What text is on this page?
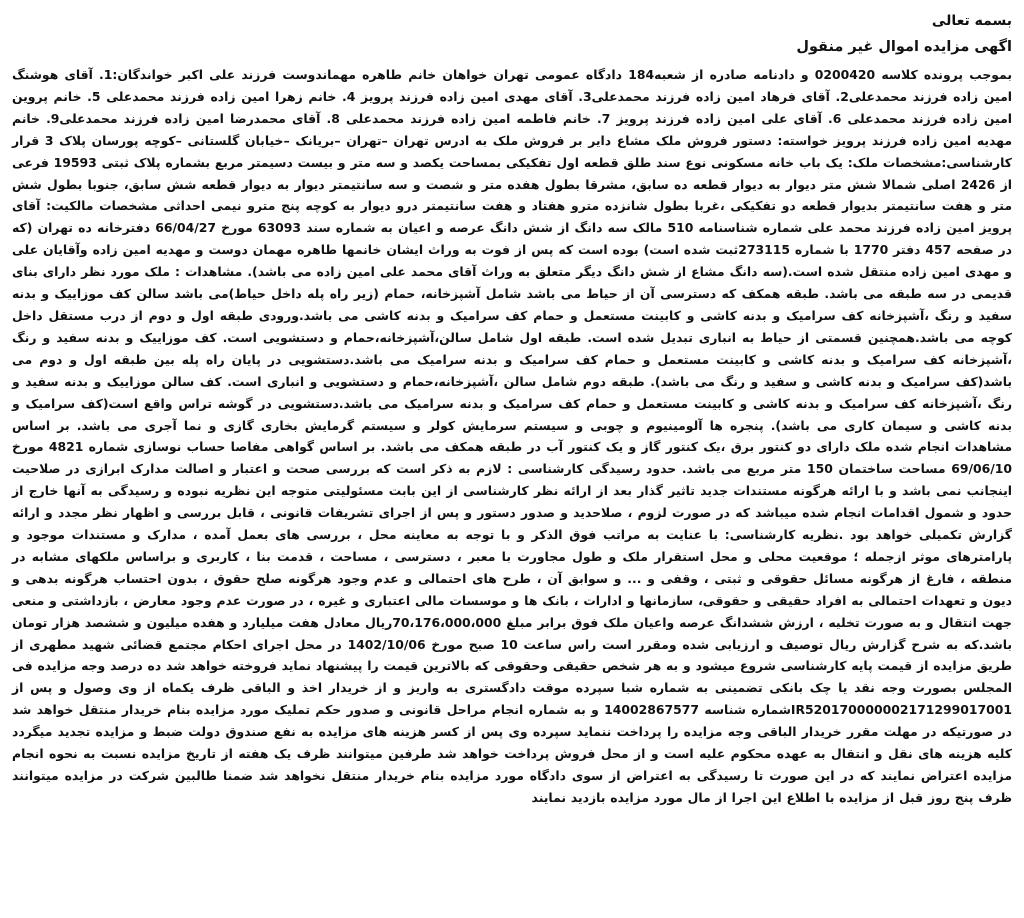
بسمه تعالی
اگهی مزایده اموال غیر منقول

بموجب پرونده کلاسه 0200420 و دادنامه صادره از شعبه184 دادگاه عمومی تهران خواهان خانم طاهره مهماندوست فرزند علی اکبر خواندگان:1. آقای هوشنگ امین زاده فرزند محمدعلی2. آقای فرهاد امین زاده فرزند محمدعلی3. آقای مهدی امین زاده فرزند پرویز 4. خانم زهرا امین زاده فرزند محمدعلی 5. خانم پروین امین زاده فرزند محمدعلی 6. آقای علی امین زاده فرزند پرویز 7. خانم فاطمه امین زاده فرزند محمدعلی 8. آقای محمدرضا امین زاده فرزند محمدعلی9. خانم مهدیه امین زاده فرزند پرویز خواسته: دستور فروش ملک مشاع دایر بر فروش ملک به ادرس تهران –تهران –بریانک –خیابان گلستانی –کوچه پورسان پلاک 3 قرار کارشناسی:مشخصات ملک: یک باب خانه مسکونی نوع سند طلق قطعه اول تفکیکی بمساحت یکصد و سه متر و بیست دسیمتر مربع بشماره پلاک ثبتی 19593 فرعی از 2426 اصلی شمالا شش متر دیوار به دیوار قطعه ده سابق، مشرقا بطول هفده متر و شصت و سه سانتیمتر دیوار به دیوار قطعه شش سابق، جنوبا بطول شش متر و هفت سانتیمتر بدیوار قطعه دو تفکیکی ،غربا بطول شانزده مترو هفتاد و هفت سانتیمتر درو دیوار به کوچه پنج مترو نیمی احداثی مشخصات مالکیت: آقای پرویز امین زاده فرزند محمد علی شماره شناسنامه 510 مالک سه دانگ از شش دانگ عرصه و اعیان به شماره سند 63093 مورخ 66/04/27 دفترخانه ده تهران (که در صفحه 457 دفتر 1770 با شماره 273115ثبت شده است) بوده است که پس از فوت به وراث ایشان خانمها طاهره مهمان دوست و مهدیه امین زاده وآقایان علی و مهدی امین زاده منتقل شده است.(سه دانگ مشاع از شش دانگ دیگر متعلق به وراث آقای محمد علی امین زاده می باشد). مشاهدات : ملک مورد نظر دارای بنای قدیمی در سه طبقه می باشد. طبقه همکف که دسترسی آن از حیاط می باشد شامل آشپزخانه، حمام (زیر راه پله داخل حیاط)می باشد سالن کف موزاییک و بدنه سفید و رنگ ،آشپزخانه کف سرامیک و بدنه کاشی و کابینت مستعمل و حمام کف سرامیک و بدنه کاشی می باشد.ورودی طبقه اول و دوم از درب مستقل داخل کوچه می باشد.همچنین قسمتی از حیاط به انباری تبدیل شده است. طبقه اول شامل سالن،آشپزخانه،حمام و دستشویی است. کف موزاییک و بدنه سفید و رنگ ،آشپزخانه کف سرامیک و بدنه کاشی و کابینت مستعمل و حمام کف سرامیک و بدنه سرامیک می باشد.دستشویی در پایان راه پله بین طبقه اول و دوم می باشد(کف سرامیک و بدنه کاشی و سفید و رنگ می باشد). طبقه دوم شامل سالن ،آشپزخانه،حمام و دستشویی و انباری است. کف سالن موزاییک و بدنه سفید و رنگ ،آشپزخانه کف سرامیک و بدنه کاشی و کابینت مستعمل و حمام کف سرامیک و بدنه سرامیک می باشد.دستشویی در گوشه تراس واقع است(کف سرامیک و بدنه کاشی و سیمان کاری می باشد). پنجره ها آلومینیوم و چوبی و سیستم سرمایش کولر و سیستم گرمایش بخاری گازی و نما آجری می باشد. بر اساس مشاهدات انجام شده ملک دارای دو کنتور برق ،یک کنتور گاز و یک کنتور آب در طبقه همکف می باشد. بر اساس گواهی مفاصا حساب نوسازی شماره 4821 مورخ 69/06/10 مساحت ساختمان 150 متر مربع می باشد. حدود رسیدگی کارشناسی : لازم به ذکر است که بررسی صحت و اعتبار و اصالت مدارک ابرازی در صلاحیت اینجانب نمی باشد و با ارائه هرگونه مستندات جدید تاثیر گذار بعد از ارائه نظر کارشناسی از این بابت مسئولیتی متوجه این نظریه نبوده و رسیدگی به آنها خارج از حدود و شمول اقدامات انجام شده میباشد که در صورت لزوم ، صلاحدید و صدور دستور و پس از اجرای تشریفات قانونی ، قابل بررسی و اظهار نظر مجدد و ارائه گزارش تکمیلی خواهد بود .نظریه کارشناسی: با عنایت به مراتب فوق الذکر و با توجه به معاینه محل ، بررسی های بعمل آمده ، مدارک و مستندات موجود و پارامترهای موثر ازجمله ؛ موقعیت محلی و محل استقرار ملک و طول مجاورت با معبر ، دسترسی ، مساحت ، قدمت بنا ، کاربری و براساس ملکهای مشابه در منطقه ، فارغ از هرگونه مسائل حقوقی و ثبتی ، وقفی و ... و سوابق آن ، طرح های احتمالی و عدم وجود هرگونه صلح حقوق ، بدون احتساب هرگونه بدهی و دیون و تعهدات احتمالی به افراد حقیقی و حقوقی، سازمانها و ادارات ، بانک ها و موسسات مالی اعتباری و غیره ، در صورت عدم وجود معارض ، بازداشتی و منعی جهت انتقال و به صورت تخلیه ، ارزش ششدانگ عرصه واعیان ملک فوق برابر مبلغ 70،176،000،000ریال معادل هفت میلیارد و هفده میلیون و ششصد هزار تومان باشد.که به شرح گزارش ریال توصیف و ارزیابی شده ومقرر است راس ساعت 10 صبح مورخ 1402/10/06 در محل اجرای احکام مجتمع قضائی شهید مطهری از طریق مزایده از قیمت پایه کارشناسی شروع میشود و به هر شخص حقیقی وحقوقی که بالاترین قیمت را پیشنهاد نماید فروخته خواهد شد ده درصد وجه مزایده فی المجلس بصورت وجه نقد یا چک بانکی تضمینی به شماره شبا سپرده موقت دادگستری به واریز و از خریدار اخذ و الباقی ظرف یکماه از وی وصول و پس از IR520170000002171299017001شماره شناسه 14002867577 و به شماره انجام مراحل قانونی و صدور حکم تملیک مورد مزایده بنام خریدار منتقل خواهد شد در صورتیکه در مهلت مقرر خریدار الباقی وجه مزایده را پرداخت ننماید سپرده وی پس از کسر هزینه های مزایده به نفع صندوق دولت ضبط و مزایده تجدید میگردد کلیه هزینه های نقل و انتقال به عهده محکوم علیه است و از محل فروش پرداخت خواهد شد طرفین میتوانند ظرف یک هفته از تاریخ مزایده نسبت به نحوه انجام مزایده اعتراض نمایند که در این صورت تا رسیدگی به اعتراض از سوی دادگاه مورد مزایده بنام خریدار منتقل نخواهد شد ضمنا طالبین شرکت در مزایده میتوانند ظرف پنج روز قبل از مزایده با اطلاع این اجرا از مال مورد مزایده بازدید نمایند
